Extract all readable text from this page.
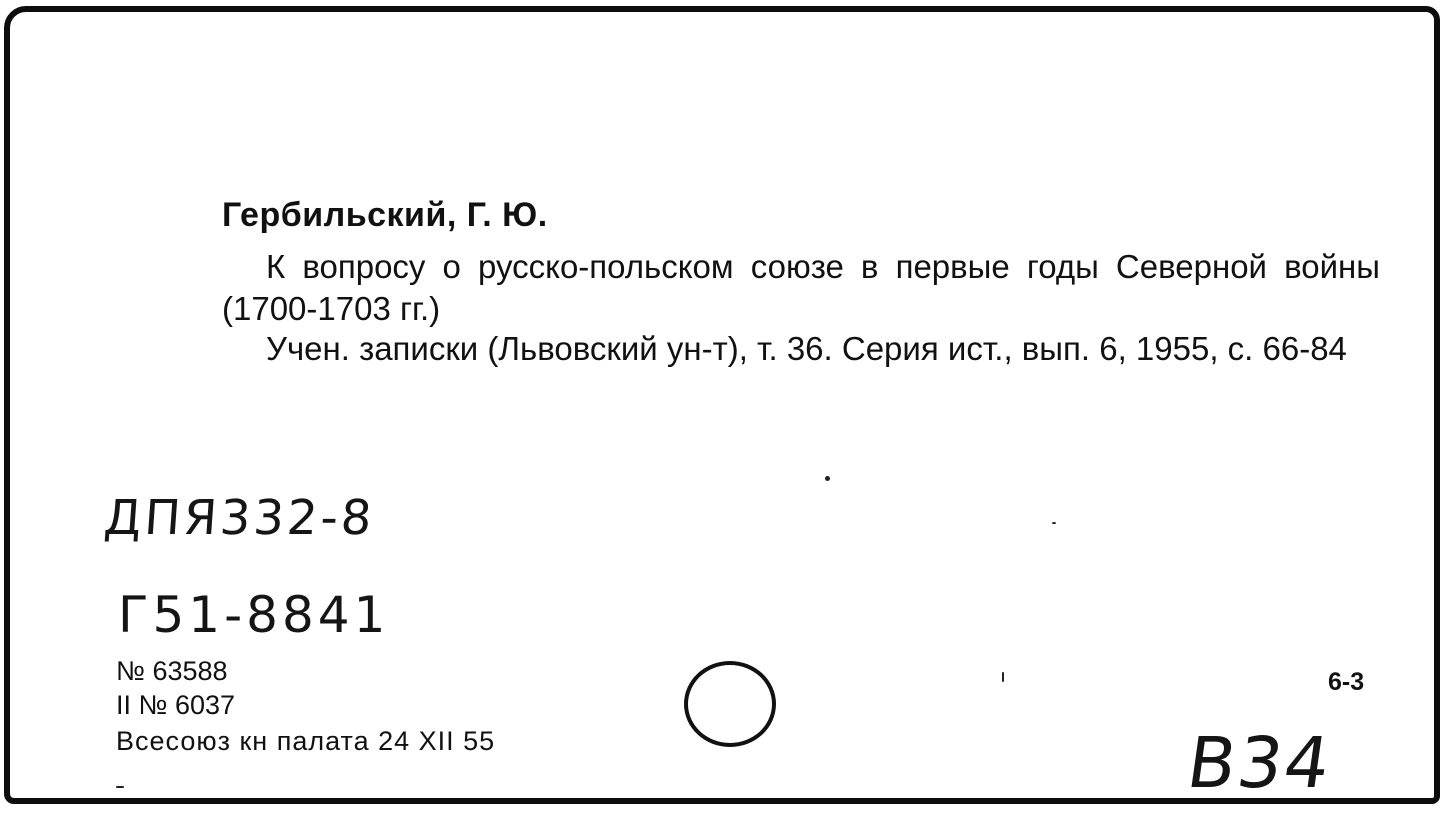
Гербильский, Г. Ю.
К вопросу о русско-польском союзе в первые годы Северной войны (1700-1703 гг.)
Учен. записки (Львовский ун-т), т. 36. Серия ист., вып. 6, 1955, с. 66-84
ДПЯ332-8
Г51-8841
№ 63588
II № 6037
Всесоюз кн палата 24 XII 55
6-3
В34
